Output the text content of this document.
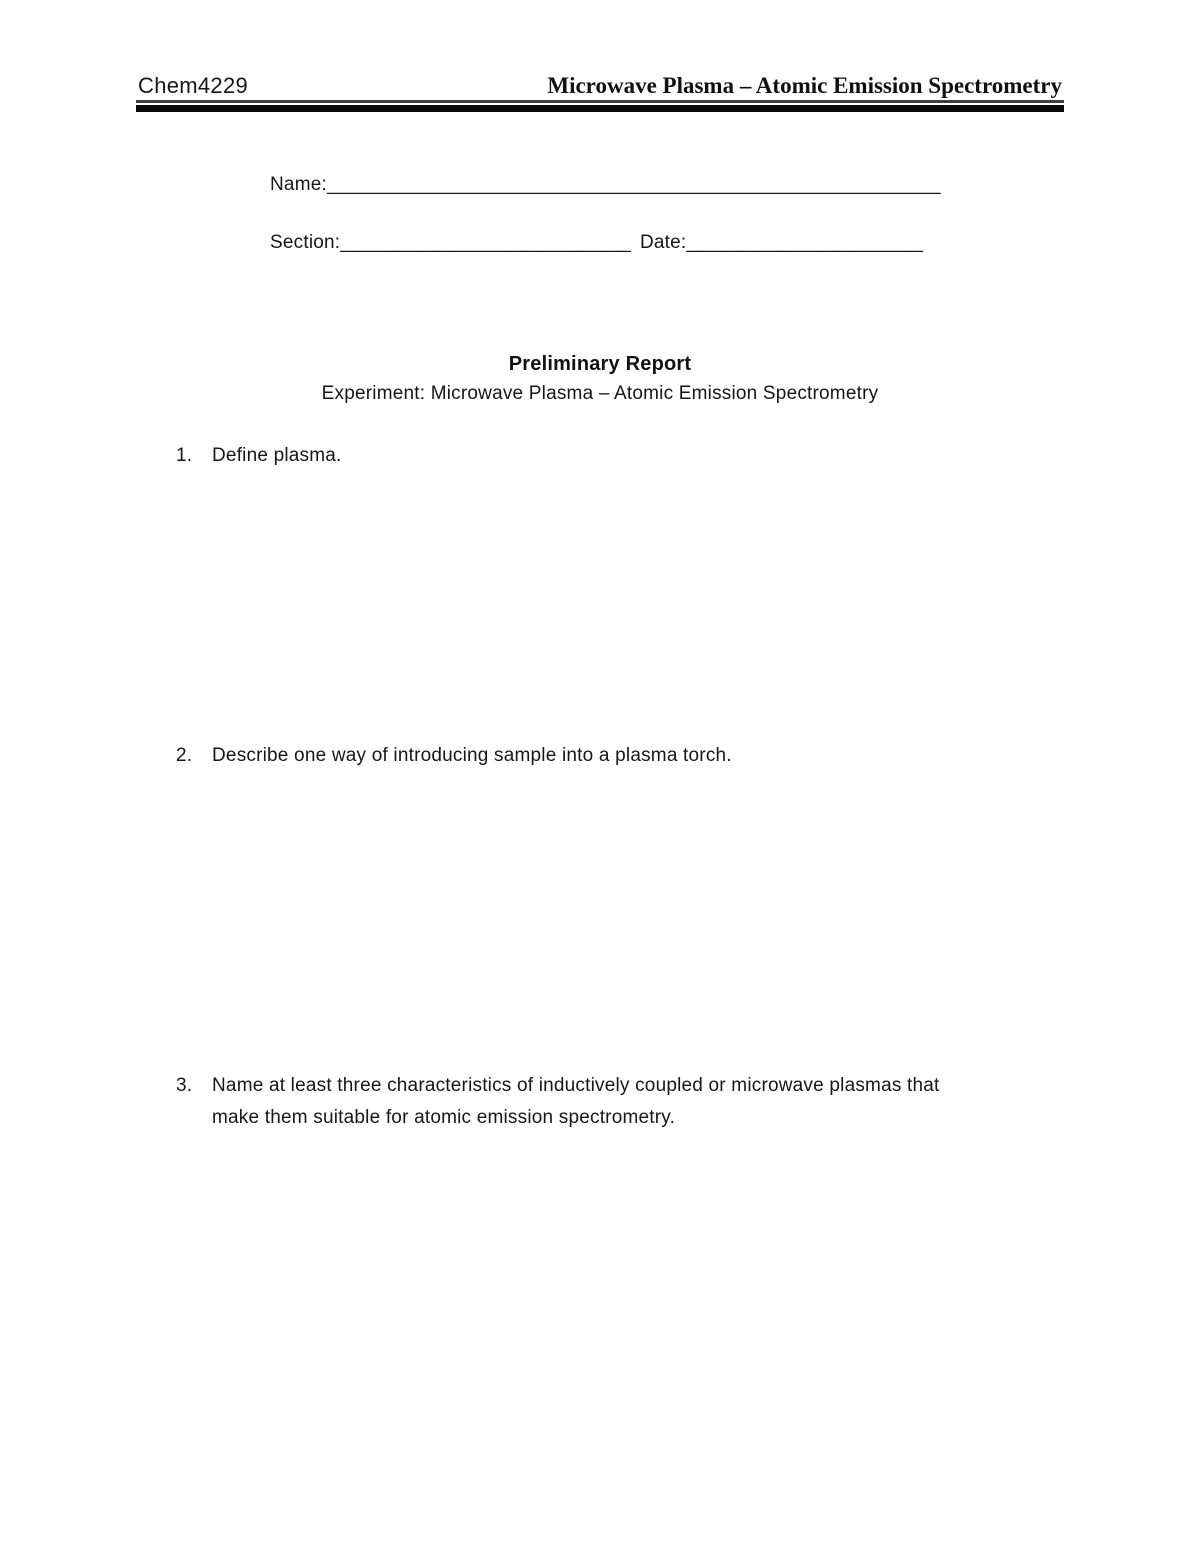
Chem4229	Microwave Plasma – Atomic Emission Spectrometry

Name:_________________________________________________________

Section:___________________________ Date:______________________

Preliminary Report
Experiment: Microwave Plasma – Atomic Emission Spectrometry
1.	Define plasma.
2.	Describe one way of introducing sample into a plasma torch.
3.	Name at least three characteristics of inductively coupled or microwave plasmas that
make them suitable for atomic emission spectrometry.
